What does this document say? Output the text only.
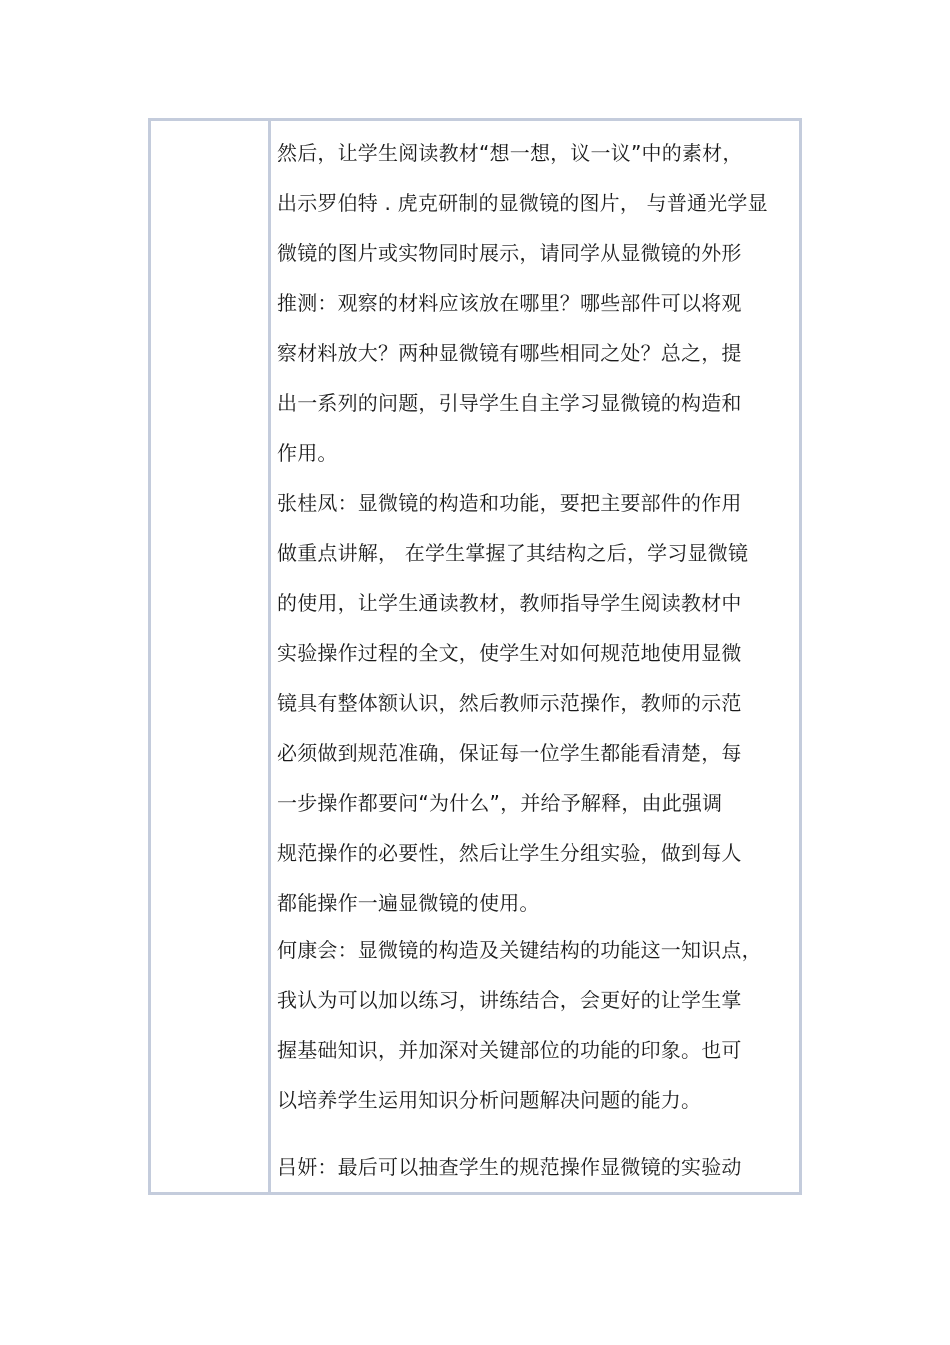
然后，让学生阅读教材“想一想，议一议”中的素材，
出示罗伯特 . 虎克研制的显微镜的图片， 与普通光学显
微镜的图片或实物同时展示，请同学从显微镜的外形
推测：观察的材料应该放在哪里？哪些部件可以将观
察材料放大？两种显微镜有哪些相同之处？总之，提
出一系列的问题，引导学生自主学习显微镜的构造和
作用。
张桂凤：显微镜的构造和功能，要把主要部件的作用
做重点讲解， 在学生掌握了其结构之后，学习显微镜
的使用，让学生通读教材，教师指导学生阅读教材中
实验操作过程的全文，使学生对如何规范地使用显微
镜具有整体额认识，然后教师示范操作，教师的示范
必须做到规范准确，保证每一位学生都能看清楚，每
一步操作都要问“为什么”，并给予解释，由此强调
规范操作的必要性，然后让学生分组实验，做到每人
都能操作一遍显微镜的使用。
何康会：显微镜的构造及关键结构的功能这一知识点，
我认为可以加以练习，讲练结合，会更好的让学生掌
握基础知识，并加深对关键部位的功能的印象。也可
以培养学生运用知识分析问题解决问题的能力。
吕妍：最后可以抽查学生的规范操作显微镜的实验动
